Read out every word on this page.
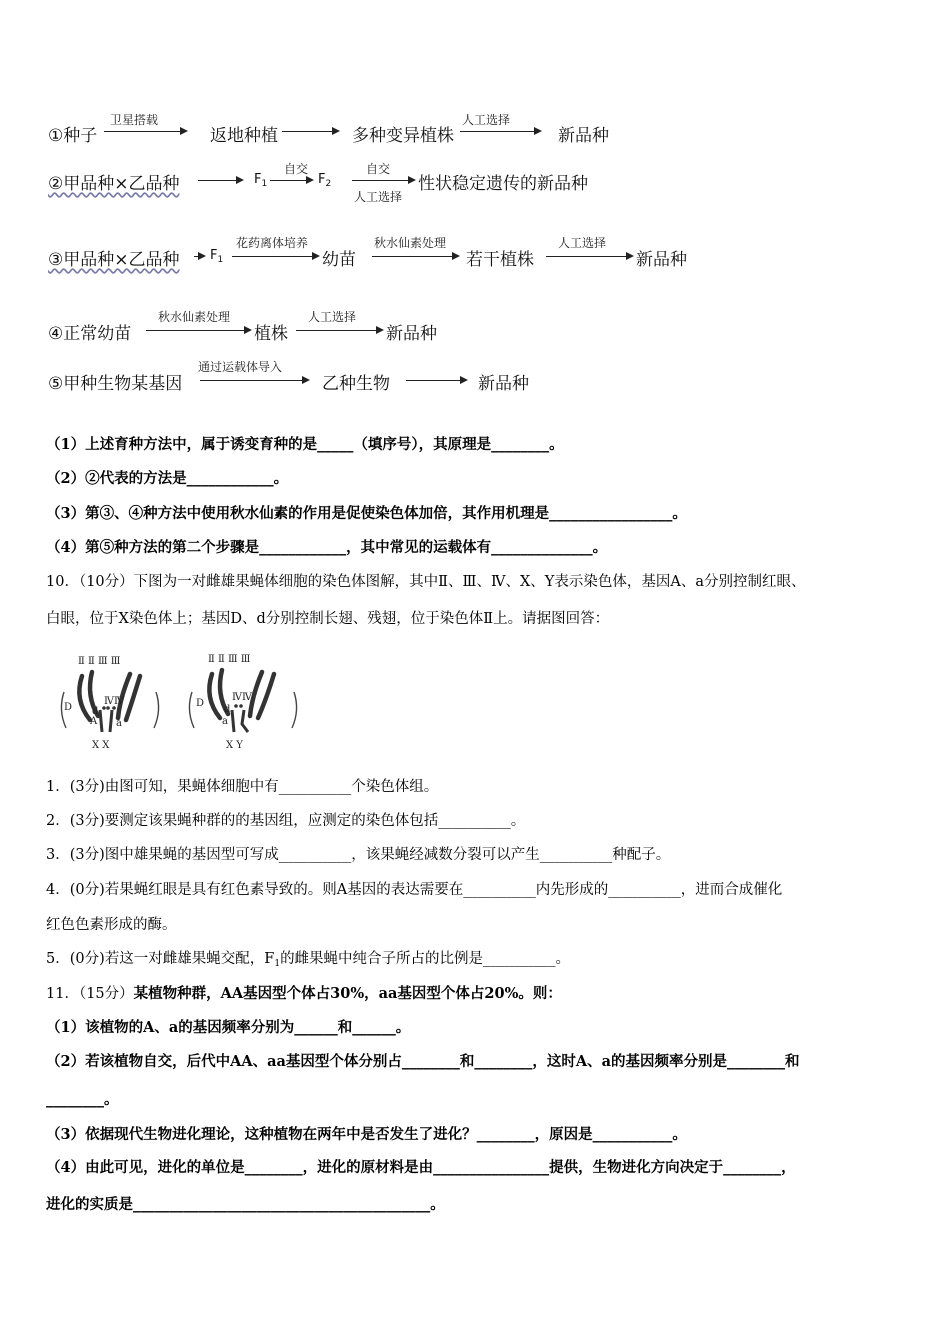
①种子
卫星搭载
返地种植	多种变异植株
人工选择
新品种
②甲品种×乙品种	$F_1$
自交
$F_2$
自交
人工选择
性状稳定遗传的新品种
③甲品种×乙品种 $F_1$
花药离体培养
幼苗
秋水仙素处理
若干植株
人工选择
新品种
④正常幼苗
秋水仙素处理
植株
人工选择
新品种
⑤甲种生物某基因
通过运载体导入
乙种生物	新品种
（1）上述育种方法中，属于诱变育种的是_____（填序号），其原理是________。
（2）②代表的方法是____________。
（3）第③、④种方法中使用秋水仙素的作用是促使染色体加倍，其作用机理是_________________。
（4）第⑤种方法的第二个步骤是____________，其中常见的运载体有______________。
10．（10分）下图为一对雌雄果蝇体细胞的染色体图解，其中Ⅱ、Ⅲ、Ⅳ、X、Y表示染色体，基因A、a分别控制红眼、
白眼，位于X染色体上；基因D、d分别控制长翅、残翅，位于染色体Ⅱ上。请据图回答：
Ⅱ Ⅱ Ⅲ Ⅲ
ⅣⅣ
D d
A a
X X
Ⅱ Ⅱ Ⅲ Ⅲ
ⅣⅣ
D
d
a
X Y
1．(3分)由图可知，果蝇体细胞中有__________个染色体组。
2．(3分)要测定该果蝇种群的的基因组，应测定的染色体包括__________。
3．(3分)图中雄果蝇的基因型可写成__________，该果蝇经减数分裂可以产生__________种配子。
4．(0分)若果蝇红眼是具有红色素导致的。则A基因的表达需要在__________内先形成的__________，进而合成催化
红色色素形成的酶。
5．(0分)若这一对雌雄果蝇交配，$F_1$的雌果蝇中纯合子所占的比例是__________。
11．（15分）某植物种群，AA基因型个体占30%，aa基因型个体占20%。则：
（1）该植物的A、a的基因频率分别为______和______。
（2）若该植物自交，后代中AA、aa基因型个体分别占________和________，这时A、a的基因频率分别是________和
________。
（3）依据现代生物进化理论，这种植物在两年中是否发生了进化？________，原因是___________。
（4）由此可见，进化的单位是________，进化的原材料是由________________提供，生物进化方向决定于________，
进化的实质是_________________________________________。
